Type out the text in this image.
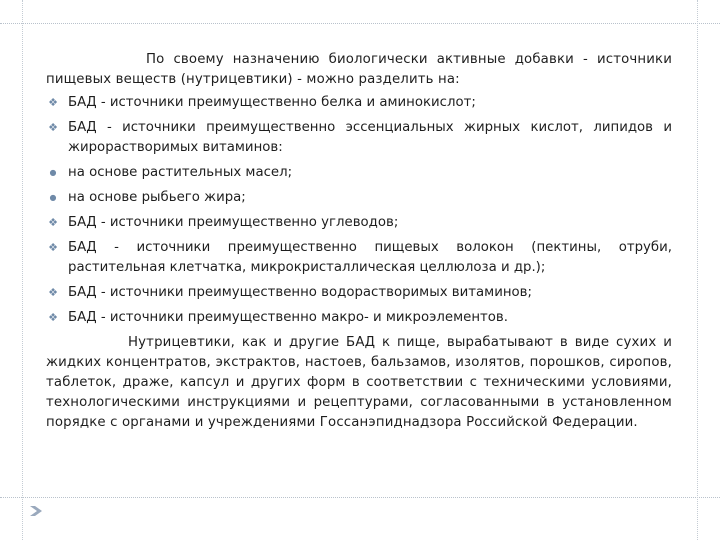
По своему назначению биологически активные добавки - источники пищевых веществ (нутрицевтики) - можно разделить на:

❖ БАД - источники преимущественно белка и аминокислот;
❖ БАД - источники преимущественно эссенциальных жирных кислот, липидов и жирорастворимых витаминов:
● на основе растительных масел;
● на основе рыбьего жира;
❖ БАД - источники преимущественно углеводов;
❖ БАД - источники преимущественно пищевых волокон (пектины, отруби, растительная клетчатка, микрокристаллическая целлюлоза и др.);
❖ БАД - источники преимущественно водорастворимых витаминов;
❖ БАД - источники преимущественно макро- и микроэлементов.

Нутрицевтики, как и другие БАД к пище, вырабатывают в виде сухих и жидких концентратов, экстрактов, настоев, бальзамов, изолятов, порошков, сиропов, таблеток, драже, капсул и других форм в соответствии с техническими условиями, технологическими инструкциями и рецептурами, согласованными в установленном порядке с органами и учреждениями Госсанэпиднадзора Российской Федерации.
